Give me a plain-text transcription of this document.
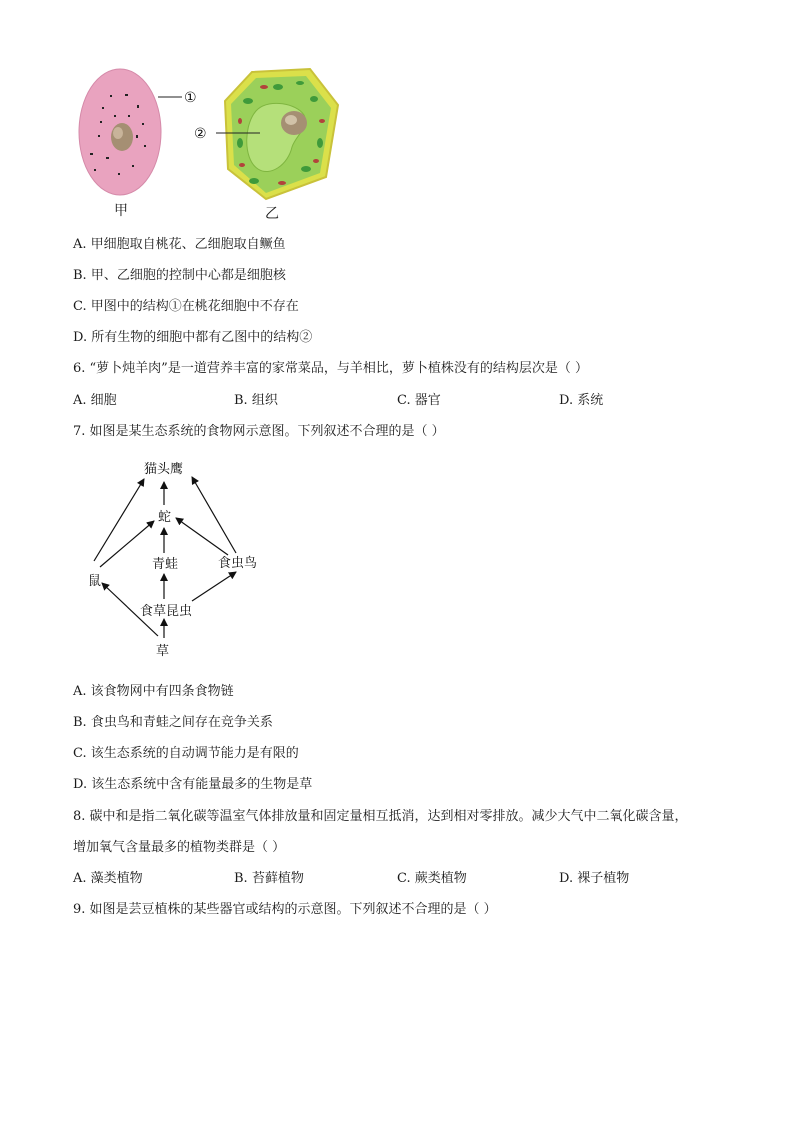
①
②
甲	乙
A. 甲细胞取自桃花、乙细胞取自鳜鱼
B. 甲、乙细胞的控制中心都是细胞核
C. 甲图中的结构①在桃花细胞中不存在
D. 所有生物的细胞中都有乙图中的结构②
6. “萝卜炖羊肉”是一道营养丰富的家常菜品，与羊相比，萝卜植株没有的结构层次是（ ）
A. 细胞	B. 组织	C. 器官	D. 系统
7. 如图是某生态系统的食物网示意图。下列叙述不合理的是（ ）
猫头鹰
蛇
青蛙	食虫鸟
鼠
食草昆虫
草
A. 该食物网中有四条食物链
B. 食虫鸟和青蛙之间存在竞争关系
C. 该生态系统的自动调节能力是有限的
D. 该生态系统中含有能量最多的生物是草
8. 碳中和是指二氧化碳等温室气体排放量和固定量相互抵消，达到相对零排放。减少大气中二氧化碳含量，
增加氧气含量最多的植物类群是（ ）
A. 藻类植物	B. 苔藓植物	C. 蕨类植物	D. 裸子植物
9. 如图是芸豆植株的某些器官或结构的示意图。下列叙述不合理的是（ ）
